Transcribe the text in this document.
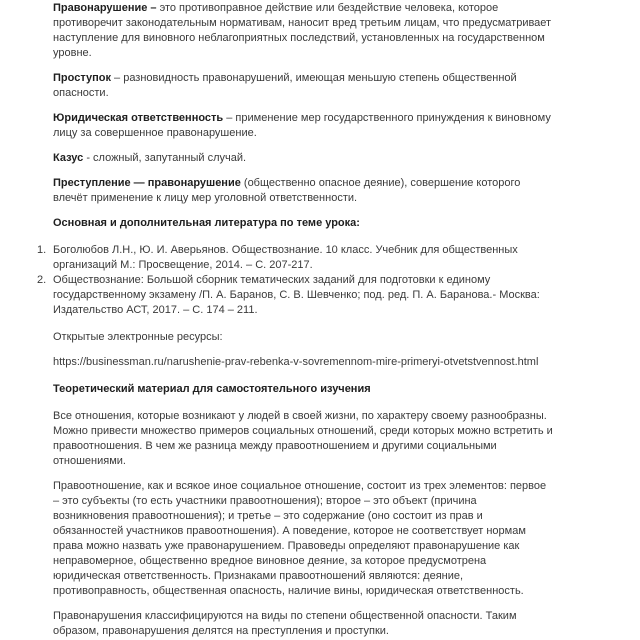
Правонарушение – это противоправное действие или бездействие человека, которое противоречит законодательным нормативам, наносит вред третьим лицам, что предусматривает наступление для виновного неблагоприятных последствий, установленных на государственном уровне.

Проступок – разновидность правонарушений, имеющая меньшую степень общественной опасности.

Юридическая ответственность – применение мер государственного принуждения к виновному лицу за совершенное правонарушение.

Казус - сложный, запутанный случай.

Преступление — правонарушение (общественно опасное деяние), совершение которого влечёт применение к лицу мер уголовной ответственности.

Основная и дополнительная литература по теме урока:
1. Боголюбов Л.Н., Ю. И. Аверьянов. Обществознание. 10 класс. Учебник для общественных организаций М.: Просвещение, 2014. – С. 207-217.
2. Обществознание: Большой сборник тематических заданий для подготовки к единому государственному экзамену /П. А. Баранов, С. В. Шевченко; под. ред. П. А. Баранова.- Москва: Издательство АСТ, 2017. – С. 174 – 211.

Открытые электронные ресурсы:

https://businessman.ru/narushenie-prav-rebenka-v-sovremennom-mire-primeryi-otvetstvennost.html

Теоретический материал для самостоятельного изучения

Все отношения, которые возникают у людей в своей жизни, по характеру своему разнообразны. Можно привести множество примеров социальных отношений, среди которых можно встретить и правоотношения. В чем же разница между правоотношением и другими социальными отношениями.

Правоотношение, как и всякое иное социальное отношение, состоит из трех элементов: первое – это субъекты (то есть участники правоотношения); второе – это объект (причина возникновения правоотношения); и третье – это содержание (оно состоит из прав и обязанностей участников правоотношения). А поведение, которое не соответствует нормам права можно назвать уже правонарушением. Правоведы определяют правонарушение как неправомерное, общественно вредное виновное деяние, за которое предусмотрена юридическая ответственность. Признаками правоотношений являются: деяние, противоправность, общественная опасность, наличие вины, юридическая ответственность.

Правонарушения классифицируются на виды по степени общественной опасности. Таким образом, правонарушения делятся на преступления и проступки.
